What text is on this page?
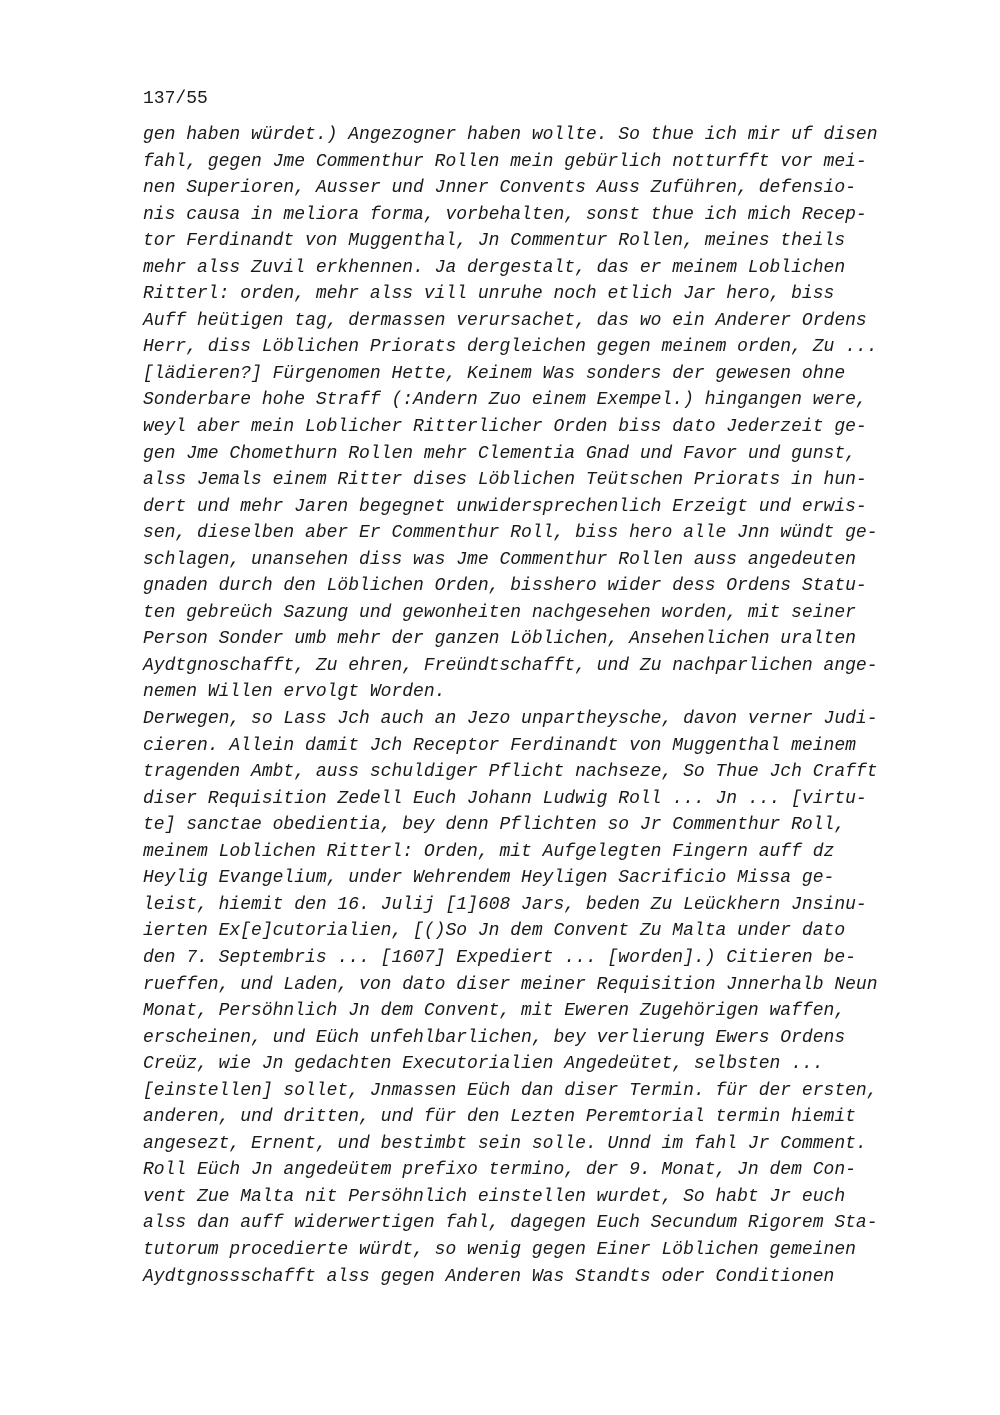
137/55
gen haben würdet.) Angezogner haben wollte. So thue ich mir uf disen
fahl, gegen Jme Commenthur Rollen mein gebürlich notturfft vor mei-
nen Superioren, Ausser und Jnner Convents Auss Zuführen, defensio-
nis causa in meliora forma, vorbehalten, sonst thue ich mich Recep-
tor Ferdinandt von Muggenthal, Jn Commentur Rollen, meines theils
mehr alss Zuvil erkhennen. Ja dergestalt, das er meinem Loblichen
Ritterl: orden, mehr alss vill unruhe noch etlich Jar hero, biss
Auff heütigen tag, dermassen verursachet, das wo ein Anderer Ordens
Herr, diss Löblichen Priorats dergleichen gegen meinem orden, Zu ...
[lädieren?] Fürgenomen Hette, Keinem Was sonders der gewesen ohne
Sonderbare hohe Straff (:Andern Zuo einem Exempel.) hingangen were,
weyl aber mein Loblicher Ritterlicher Orden biss dato Jederzeit ge-
gen Jme Chomethurn Rollen mehr Clementia Gnad und Favor und gunst,
alss Jemals einem Ritter dises Löblichen Teütschen Priorats in hun-
dert und mehr Jaren begegnet unwidersprechenlich Erzeigt und erwis-
sen, dieselben aber Er Commenthur Roll, biss hero alle Jnn wündt ge-
schlagen, unansehen diss was Jme Commenthur Rollen auss angedeuten
gnaden durch den Löblichen Orden, bisshero wider dess Ordens Statu-
ten gebreüch Sazung und gewonheiten nachgesehen worden, mit seiner
Person Sonder umb mehr der ganzen Löblichen, Ansehenlichen uralten
Aydtgnoschafft, Zu ehren, Freündtschafft, und Zu nachparlichen ange-
nemen Willen ervolgt Worden.
Derwegen, so Lass Jch auch an Jezo unpartheysche, davon verner Judi-
cieren. Allein damit Jch Receptor Ferdinandt von Muggenthal meinem
tragenden Ambt, auss schuldiger Pflicht nachseze, So Thue Jch Crafft
diser Requisition Zedell Euch Johann Ludwig Roll ... Jn ... [virtu-
te] sanctae obedientia, bey denn Pflichten so Jr Commenthur Roll,
meinem Loblichen Ritterl: Orden, mit Aufgelegten Fingern auff dz
Heylig Evangelium, under Wehrendem Heyligen Sacrificio Missa ge-
leist, hiemit den 16. Julij [1]608 Jars, beden Zu Leückhern Jnsinu-
ierten Ex[e]cutorialien, [()So Jn dem Convent Zu Malta under dato
den 7. Septembris ... [1607] Expediert ... [worden].) Citieren be-
rueffen, und Laden, von dato diser meiner Requisition Jnnerhalb Neun
Monat, Persöhnlich Jn dem Convent, mit Eweren Zugehörigen waffen,
erscheinen, und Eüch unfehlbarlichen, bey verlierung Ewers Ordens
Creüz, wie Jn gedachten Executorialien Angedeütet, selbsten ...
[einstellen] sollet, Jnmassen Eüch dan diser Termin. für der ersten,
anderen, und dritten, und für den Lezten Peremtorial termin hiemit
angesezt, Ernent, und bestimbt sein solle. Unnd im fahl Jr Comment.
Roll Eüch Jn angedeütem prefixo termino, der 9. Monat, Jn dem Con-
vent Zue Malta nit Persöhnlich einstellen wurdet, So habt Jr euch
alss dan auff widerwertigen fahl, dagegen Euch Secundum Rigorem Sta-
tutorum procedierte würdt, so wenig gegen Einer Löblichen gemeinen
Aydtgnossschafft alss gegen Anderen Was Standts oder Conditionen
